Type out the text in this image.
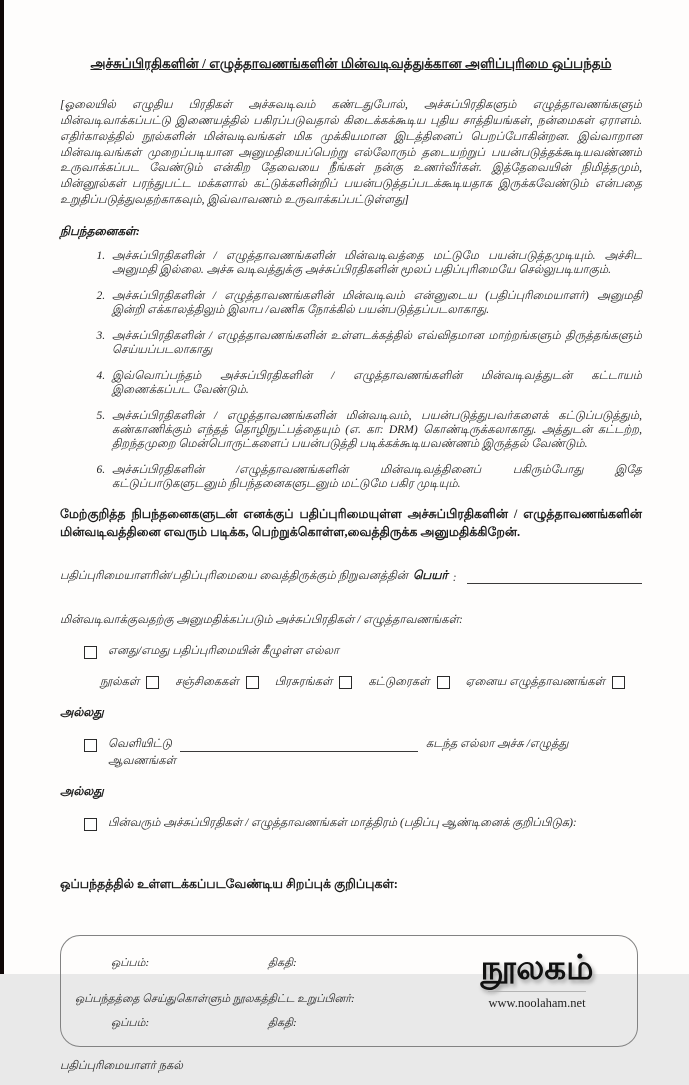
அச்சுப்பிரதிகளின் / எழுத்தாவணங்களின் மின்வடிவத்துக்கான அளிப்புரிமை ஒப்பந்தம்

[ஓலையில் எழுதிய பிரதிகள் அச்சுவடிவம் கண்டதுபோல், அச்சுப்பிரதிகளும் எழுத்தாவணங்களும் மின்வடிவாக்கப்பட்டு இணையத்தில் பகிரப்படுவதால் கிடைக்கக்கூடிய புதிய சாத்தியங்கள், நன்மைகள் ஏராளம். எதிர்காலத்தில் நூல்களின் மின்வடிவங்கள் மிக முக்கியமான இடத்தினைப் பெறப்போகின்றன. இவ்வாறான மின்வடிவங்கள் முறைப்படியான அனுமதியைப்பெற்று எல்லோரும் தடையற்றுப் பயன்படுத்தக்கூடியவண்ணம் உருவாக்கப்பட வேண்டும் என்கிற தேவையை நீங்கள் நன்கு உணர்வீர்கள். இத்தேவையின் நிமித்தமும், மின்னூல்கள் பரந்துபட்ட மக்களால் கட்டுக்களின்றிப் பயன்படுத்தப்படக்கூடியதாக இருக்கவேண்டும் என்பதை உறுதிப்படுத்துவதற்காகவும், இவ்வாவணம் உருவாக்கப்பட்டுள்ளது]

நிபந்தனைகள்:

1. அச்சுப்பிரதிகளின் / எழுத்தாவணங்களின் மின்வடிவத்தை மட்டுமே பயன்படுத்தமுடியும். அச்சிட அனுமதி இல்லை. அச்சு வடிவத்துக்கு அச்சுப்பிரதிகளின் மூலப் பதிப்புரிமையே செல்லுபடியாகும்.
2. அச்சுப்பிரதிகளின் / எழுத்தாவணங்களின் மின்வடிவம் என்னுடைய (பதிப்புரிமையாளர்) அனுமதி இன்றி எக்காலத்திலும் இலாப /வணிக நோக்கில் பயன்படுத்தப்படலாகாது.
3. அச்சுப்பிரதிகளின் / எழுத்தாவணங்களின் உள்ளடக்கத்தில் எவ்விதமான மாற்றங்களும் திருத்தங்களும் செய்யப்படலாகாது
4. இவ்வொப்பந்தம் அச்சுப்பிரதிகளின் / எழுத்தாவணங்களின் மின்வடிவத்துடன் கட்டாயம் இணைக்கப்பட வேண்டும்.
5. அச்சுப்பிரதிகளின் / எழுத்தாவணங்களின் மின்வடிவம், பயன்படுத்துபவர்களைக் கட்டுப்படுத்தும், கண்காணிக்கும் எந்தத் தொழிநுட்பத்தையும் (எ. கா: DRM) கொண்டிருக்கலாகாது. அத்துடன் கட்டற்ற, திறந்தமுறை மென்பொருட்களைப் பயன்படுத்தி படிக்கக்கூடியவண்ணம் இருத்தல் வேண்டும்.
6. அச்சுப்பிரதிகளின் /எழுத்தாவணங்களின் மின்வடிவத்தினைப் பகிரும்போது இதே கட்டுப்பாடுகளுடனும் நிபந்தனைகளுடனும் மட்டுமே பகிர முடியும்.

மேற்குறித்த நிபந்தனைகளுடன் எனக்குப் பதிப்புரிமையுள்ள அச்சுப்பிரதிகளின் / எழுத்தாவணங்களின் மின்வடிவத்தினை எவரும் படிக்க, பெற்றுக்கொள்ள,வைத்திருக்க அனுமதிக்கிறேன்.

பதிப்புரிமையாளரின்/பதிப்புரிமையை வைத்திருக்கும் நிறுவனத்தின் பெயர் :

மின்வடிவாக்குவதற்கு அனுமதிக்கப்படும் அச்சுப்பிரதிகள் / எழுத்தாவணங்கள்:

எனது/எமது பதிப்புரிமையின் கீழுள்ள எல்லா
நூல்கள்	சஞ்சிகைகள்	பிரசுரங்கள்	கட்டுரைகள்	ஏனைய எழுத்தாவணங்கள்

அல்லது

வெளியிட்டு	கடந்த எல்லா அச்சு /எழுத்து
ஆவணங்கள்

அல்லது

பின்வரும் அச்சுப்பிரதிகள் / எழுத்தாவணங்கள் மாத்திரம் (பதிப்பு ஆண்டினைக் குறிப்பிடுக):

ஒப்பந்தத்தில் உள்ளடக்கப்படவேண்டிய சிறப்புக் குறிப்புகள்:

ஒப்பம்:	திகதி:
ஒப்பந்தத்தை செய்துகொள்ளும் நூலகத்திட்ட உறுப்பினர்:
ஒப்பம்:	திகதி:
நூலகம்
www.noolaham.net

பதிப்புரிமையாளர் நகல்
